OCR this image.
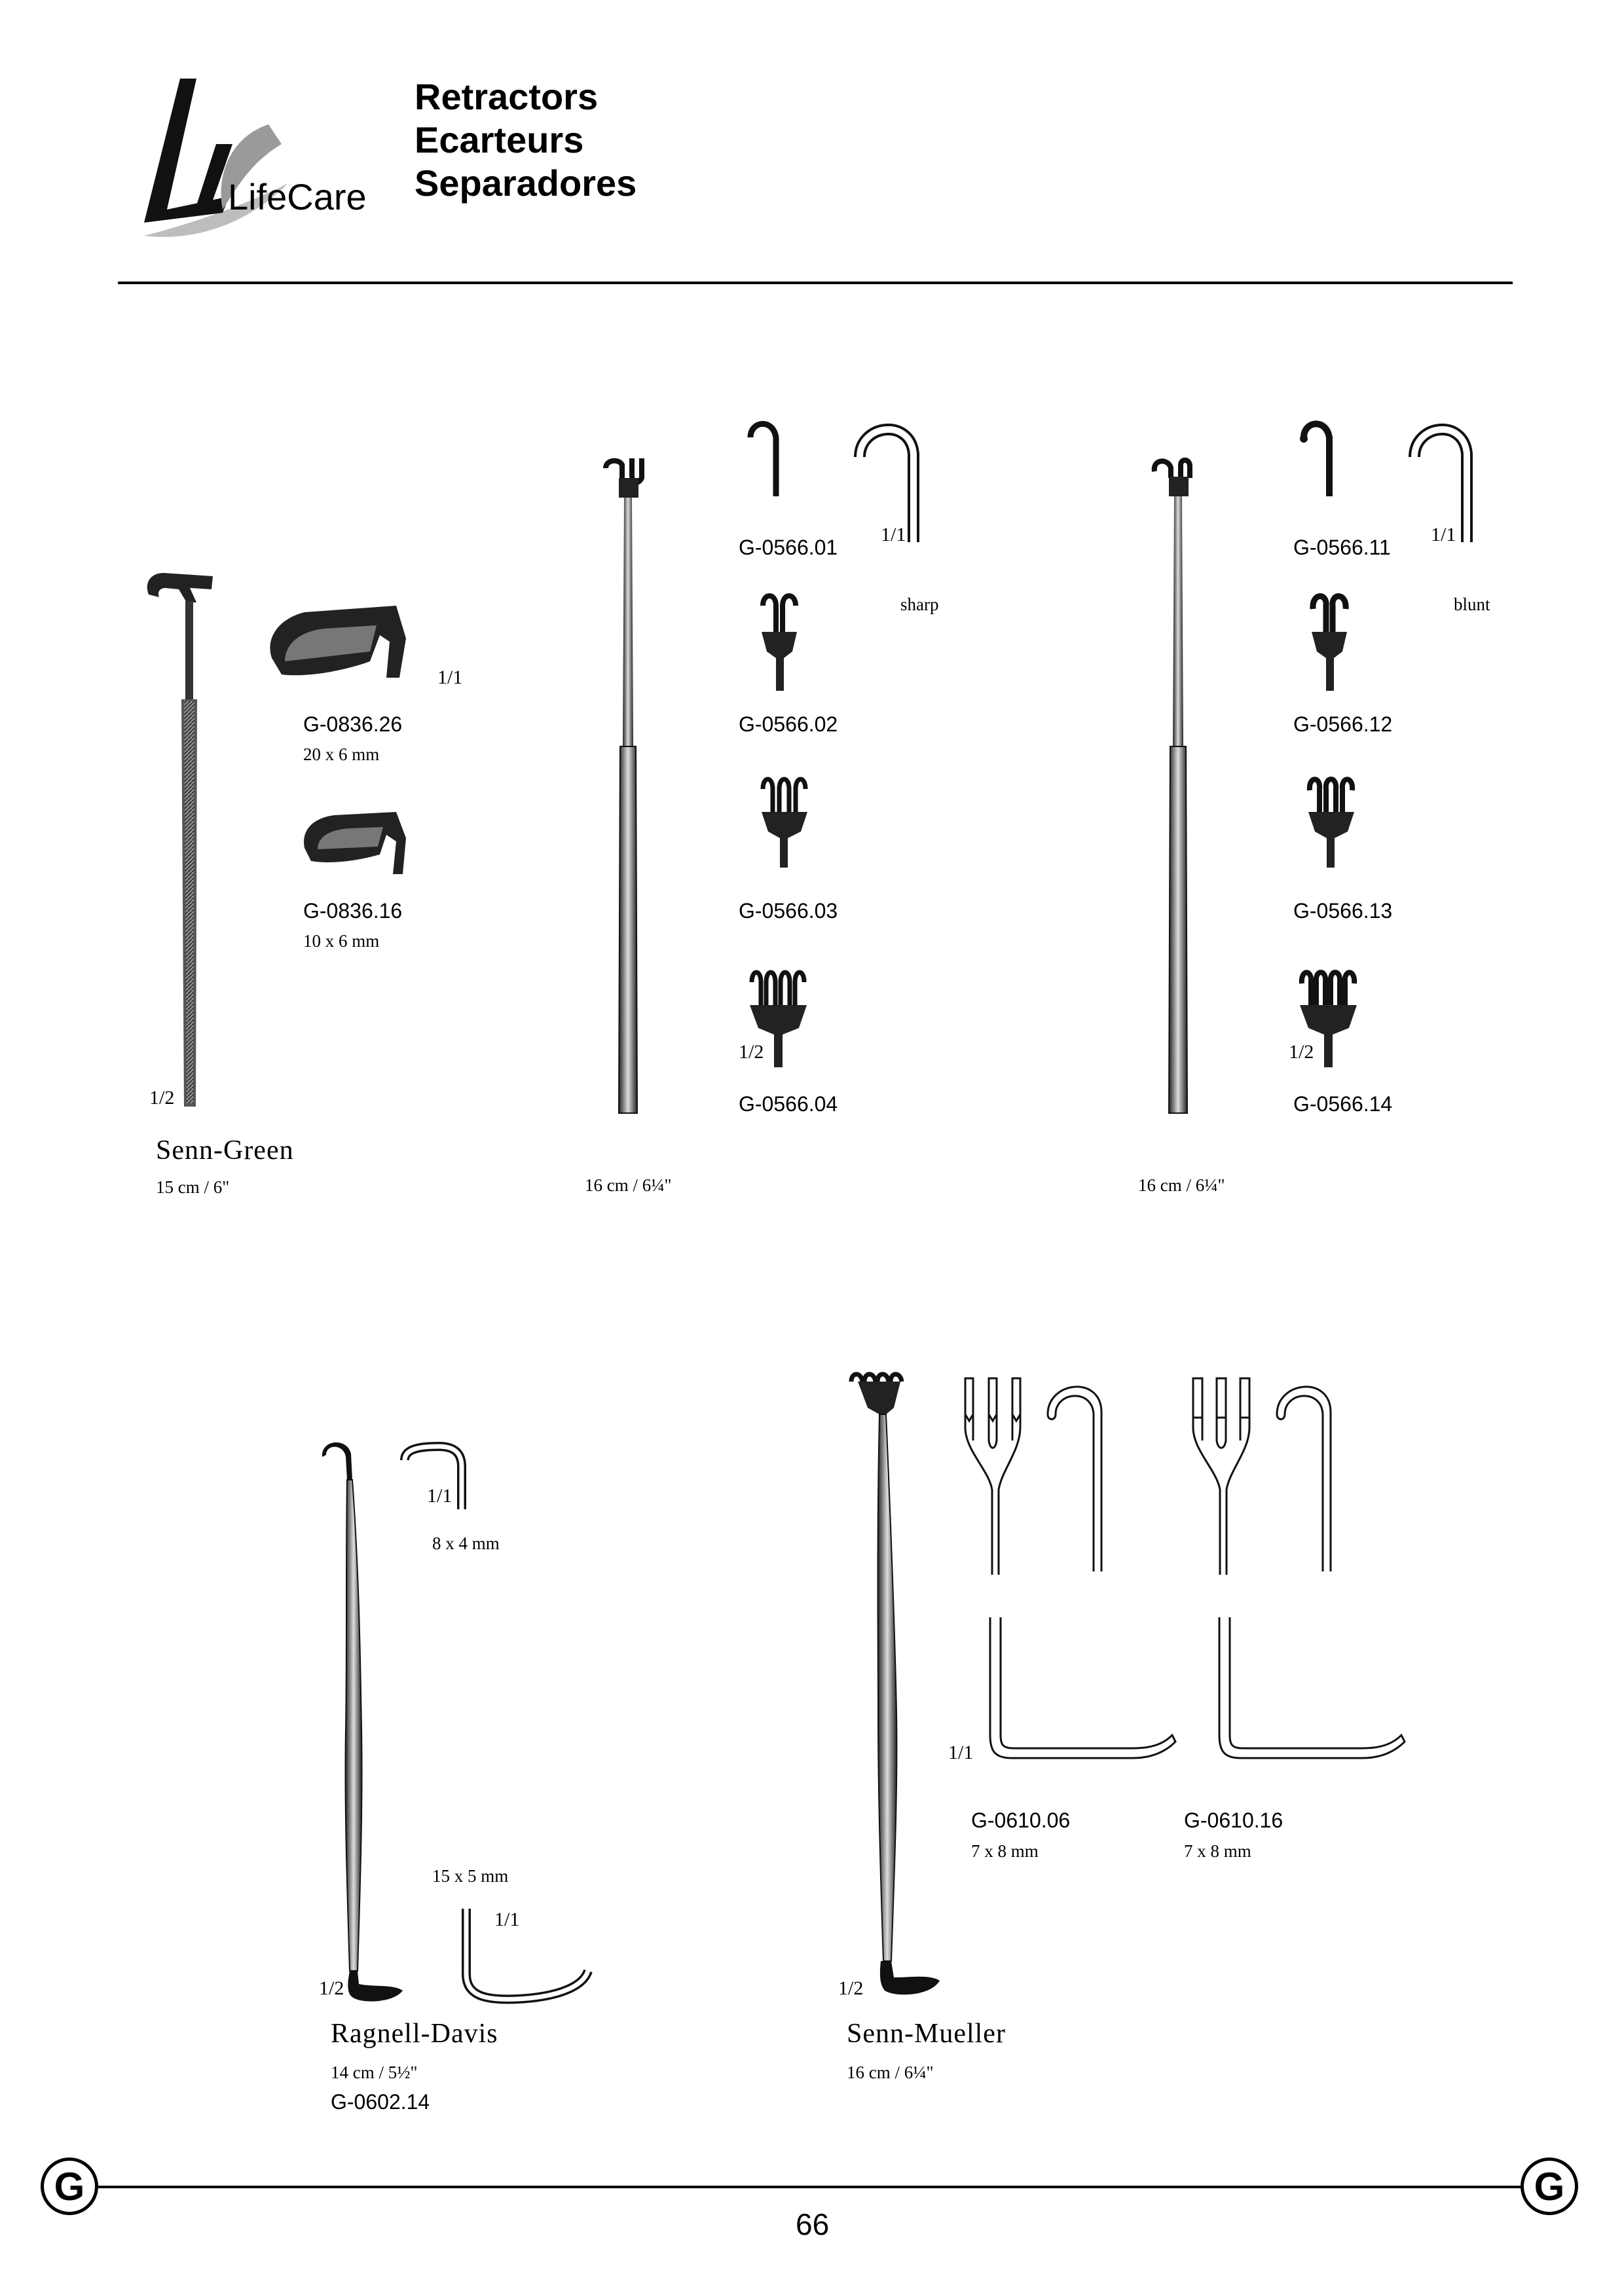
LifeCare
Retractors
Ecarteurs
Separadores
1/1
G-0836.26
20 x 6 mm
G-0836.16
10 x 6 mm
1/2
Senn-Green
15 cm / 6"
1/1
G-0566.01
sharp
G-0566.02
G-0566.03
1/2
G-0566.04
16 cm / 6¼"
1/1
G-0566.11
blunt
G-0566.12
G-0566.13
1/2
G-0566.14
16 cm / 6¼"
1/1
8 x 4 mm
15 x 5 mm
1/1
1/2
Ragnell-Davis
14 cm / 5½"
G-0602.14
1/1
G-0610.06
7 x 8 mm
G-0610.16
7 x 8 mm
1/2
Senn-Mueller
16 cm / 6¼"
G	G
66
